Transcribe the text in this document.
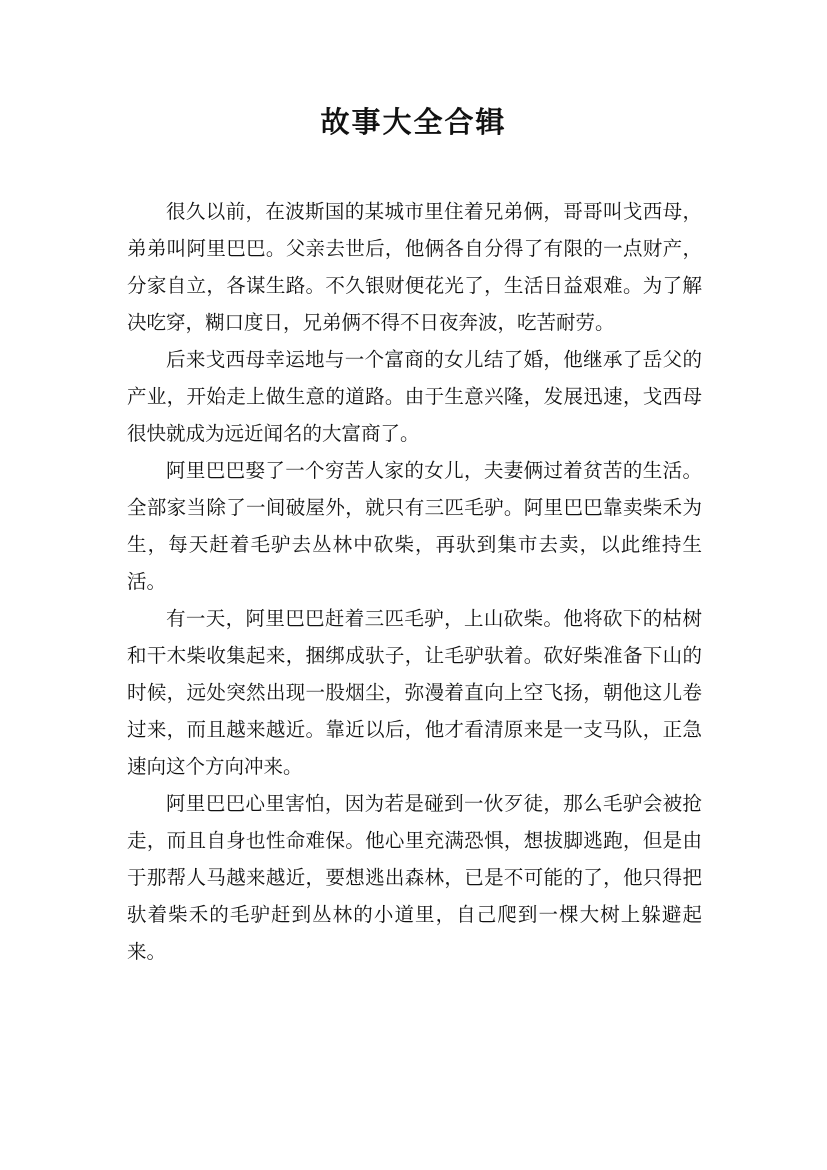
故事大全合辑

很久以前，在波斯国的某城市里住着兄弟俩，哥哥叫戈西母，弟弟叫阿里巴巴。父亲去世后，他俩各自分得了有限的一点财产，分家自立，各谋生路。不久银财便花光了，生活日益艰难。为了解决吃穿，糊口度日，兄弟俩不得不日夜奔波，吃苦耐劳。

后来戈西母幸运地与一个富商的女儿结了婚，他继承了岳父的产业，开始走上做生意的道路。由于生意兴隆，发展迅速，戈西母很快就成为远近闻名的大富商了。

阿里巴巴娶了一个穷苦人家的女儿，夫妻俩过着贫苦的生活。全部家当除了一间破屋外，就只有三匹毛驴。阿里巴巴靠卖柴禾为生，每天赶着毛驴去丛林中砍柴，再驮到集市去卖，以此维持生活。

有一天，阿里巴巴赶着三匹毛驴，上山砍柴。他将砍下的枯树和干木柴收集起来，捆绑成驮子，让毛驴驮着。砍好柴准备下山的时候，远处突然出现一股烟尘，弥漫着直向上空飞扬，朝他这儿卷过来，而且越来越近。靠近以后，他才看清原来是一支马队，正急速向这个方向冲来。

阿里巴巴心里害怕，因为若是碰到一伙歹徒，那么毛驴会被抢走，而且自身也性命难保。他心里充满恐惧，想拔脚逃跑，但是由于那帮人马越来越近，要想逃出森林，已是不可能的了，他只得把驮着柴禾的毛驴赶到丛林的小道里，自己爬到一棵大树上躲避起来。
